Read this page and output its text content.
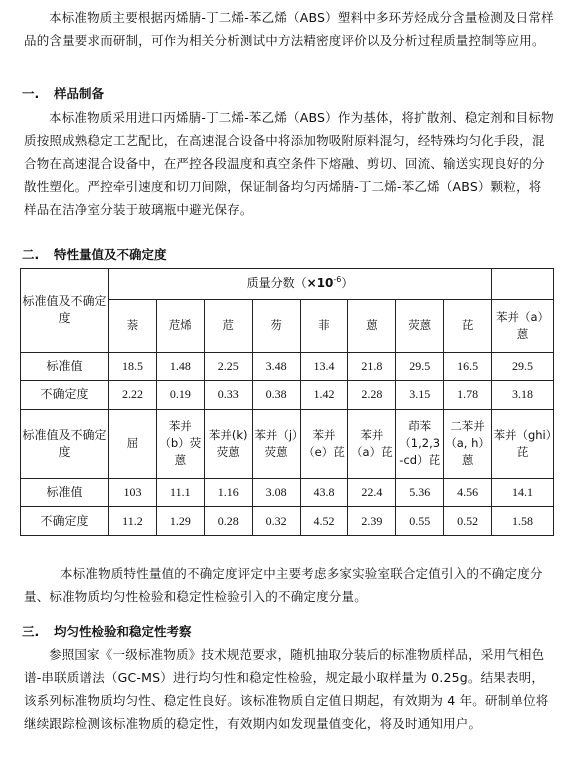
本标准物质主要根据丙烯腈-丁二烯-苯乙烯（ABS）塑料中多环芳烃成分含量检测及日常样品的含量要求而研制，可作为相关分析测试中方法精密度评价以及分析过程质量控制等应用。

一. 样品制备

本标准物质采用进口丙烯腈-丁二烯-苯乙烯（ABS）作为基体，将扩散剂、稳定剂和目标物质按照成熟稳定工艺配比，在高速混合设备中将添加物吸附原料混匀，经特殊均匀化手段，混合物在高速混合设备中，在严控各段温度和真空条件下熔融、剪切、回流、输送实现良好的分散性塑化。严控牵引速度和切刀间隙，保证制备均匀丙烯腈-丁二烯-苯乙烯（ABS）颗粒，将样品在洁净室分装于玻璃瓶中避光保存。

二. 特性量值及不确定度

标准值及不确定度	质量分数$(\times 10^{-6})$								
	萘	苊烯	苊	芴	菲	蒽	荧蒽	芘	苯并（a）蒽
标准值	18.5	1.48	2.25	3.48	13.4	21.8	29.5	16.5	29.5
不确定度	2.22	0.19	0.33	0.38	1.42	2.28	3.15	1.78	3.18
标准值及不确定度	屈	苯并（b）荧蒽	苯并(k)荧蒽	苯并（j）荧蒽	苯并（e）芘	苯并（a）芘	茚苯（1,2,3-cd）芘	二苯并（a, h）蒽	苯并（ghi）芘
标准值	103	11.1	1.16	3.08	43.8	22.4	5.36	4.56	14.1
不确定度	11.2	1.29	0.28	0.32	4.52	2.39	0.55	0.52	1.58

本标准物质特性量值的不确定度评定中主要考虑多家实验室联合定值引入的不确定度分量、标准物质均匀性检验和稳定性检验引入的不确定度分量。

三. 均匀性检验和稳定性考察

参照国家《一级标准物质》技术规范要求，随机抽取分装后的标准物质样品，采用气相色谱-串联质谱法（GC-MS）进行均匀性和稳定性检验，规定最小取样量为 0.25g。结果表明，该系列标准物质均匀性、稳定性良好。该标准物质自定值日期起，有效期为 4 年。研制单位将继续跟踪检测该标准物质的稳定性，有效期内如发现量值变化，将及时通知用户。
